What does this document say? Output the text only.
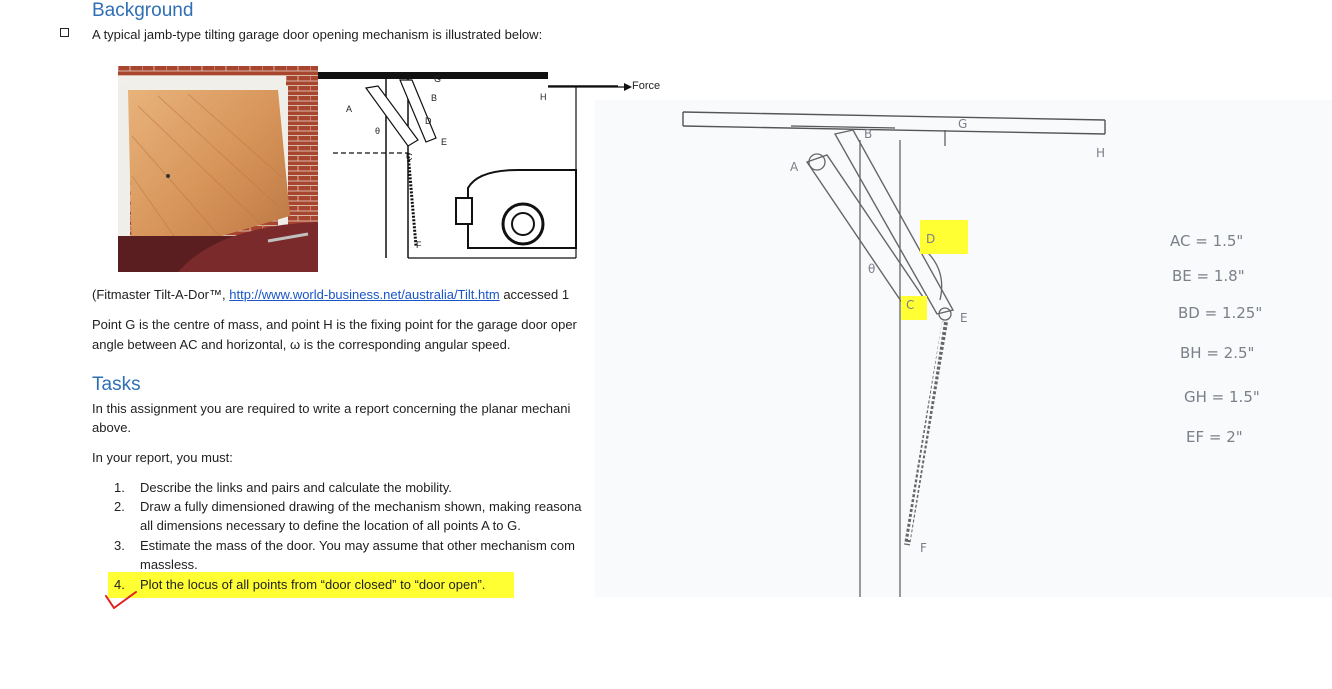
Background
A typical jamb-type tilting garage door opening mechanism is illustrated below:
G
B
A
H
D
θ
E
C
F
Force
(Fitmaster Tilt-A-Dor™, http://www.world-business.net/australia/Tilt.htm accessed 1
Point G is the centre of mass, and point H is the fixing point for the garage door oper
angle between AC and horizontal, ω is the corresponding angular speed.
Tasks
In this assignment you are required to write a report concerning the planar mechani
above.
In your report, you must:
1. Describe the links and pairs and calculate the mobility.
2. Draw a fully dimensioned drawing of the mechanism shown, making reasona
all dimensions necessary to define the location of all points A to G.
3. Estimate the mass of the door. You may assume that other mechanism com
massless.
4. Plot the locus of all points from “door closed” to “door open”.
A
B
G
H
D
θ
C
E
F
AC = 1.5"
BE = 1.8"
BD = 1.25"
BH = 2.5"
GH = 1.5"
EF = 2"
